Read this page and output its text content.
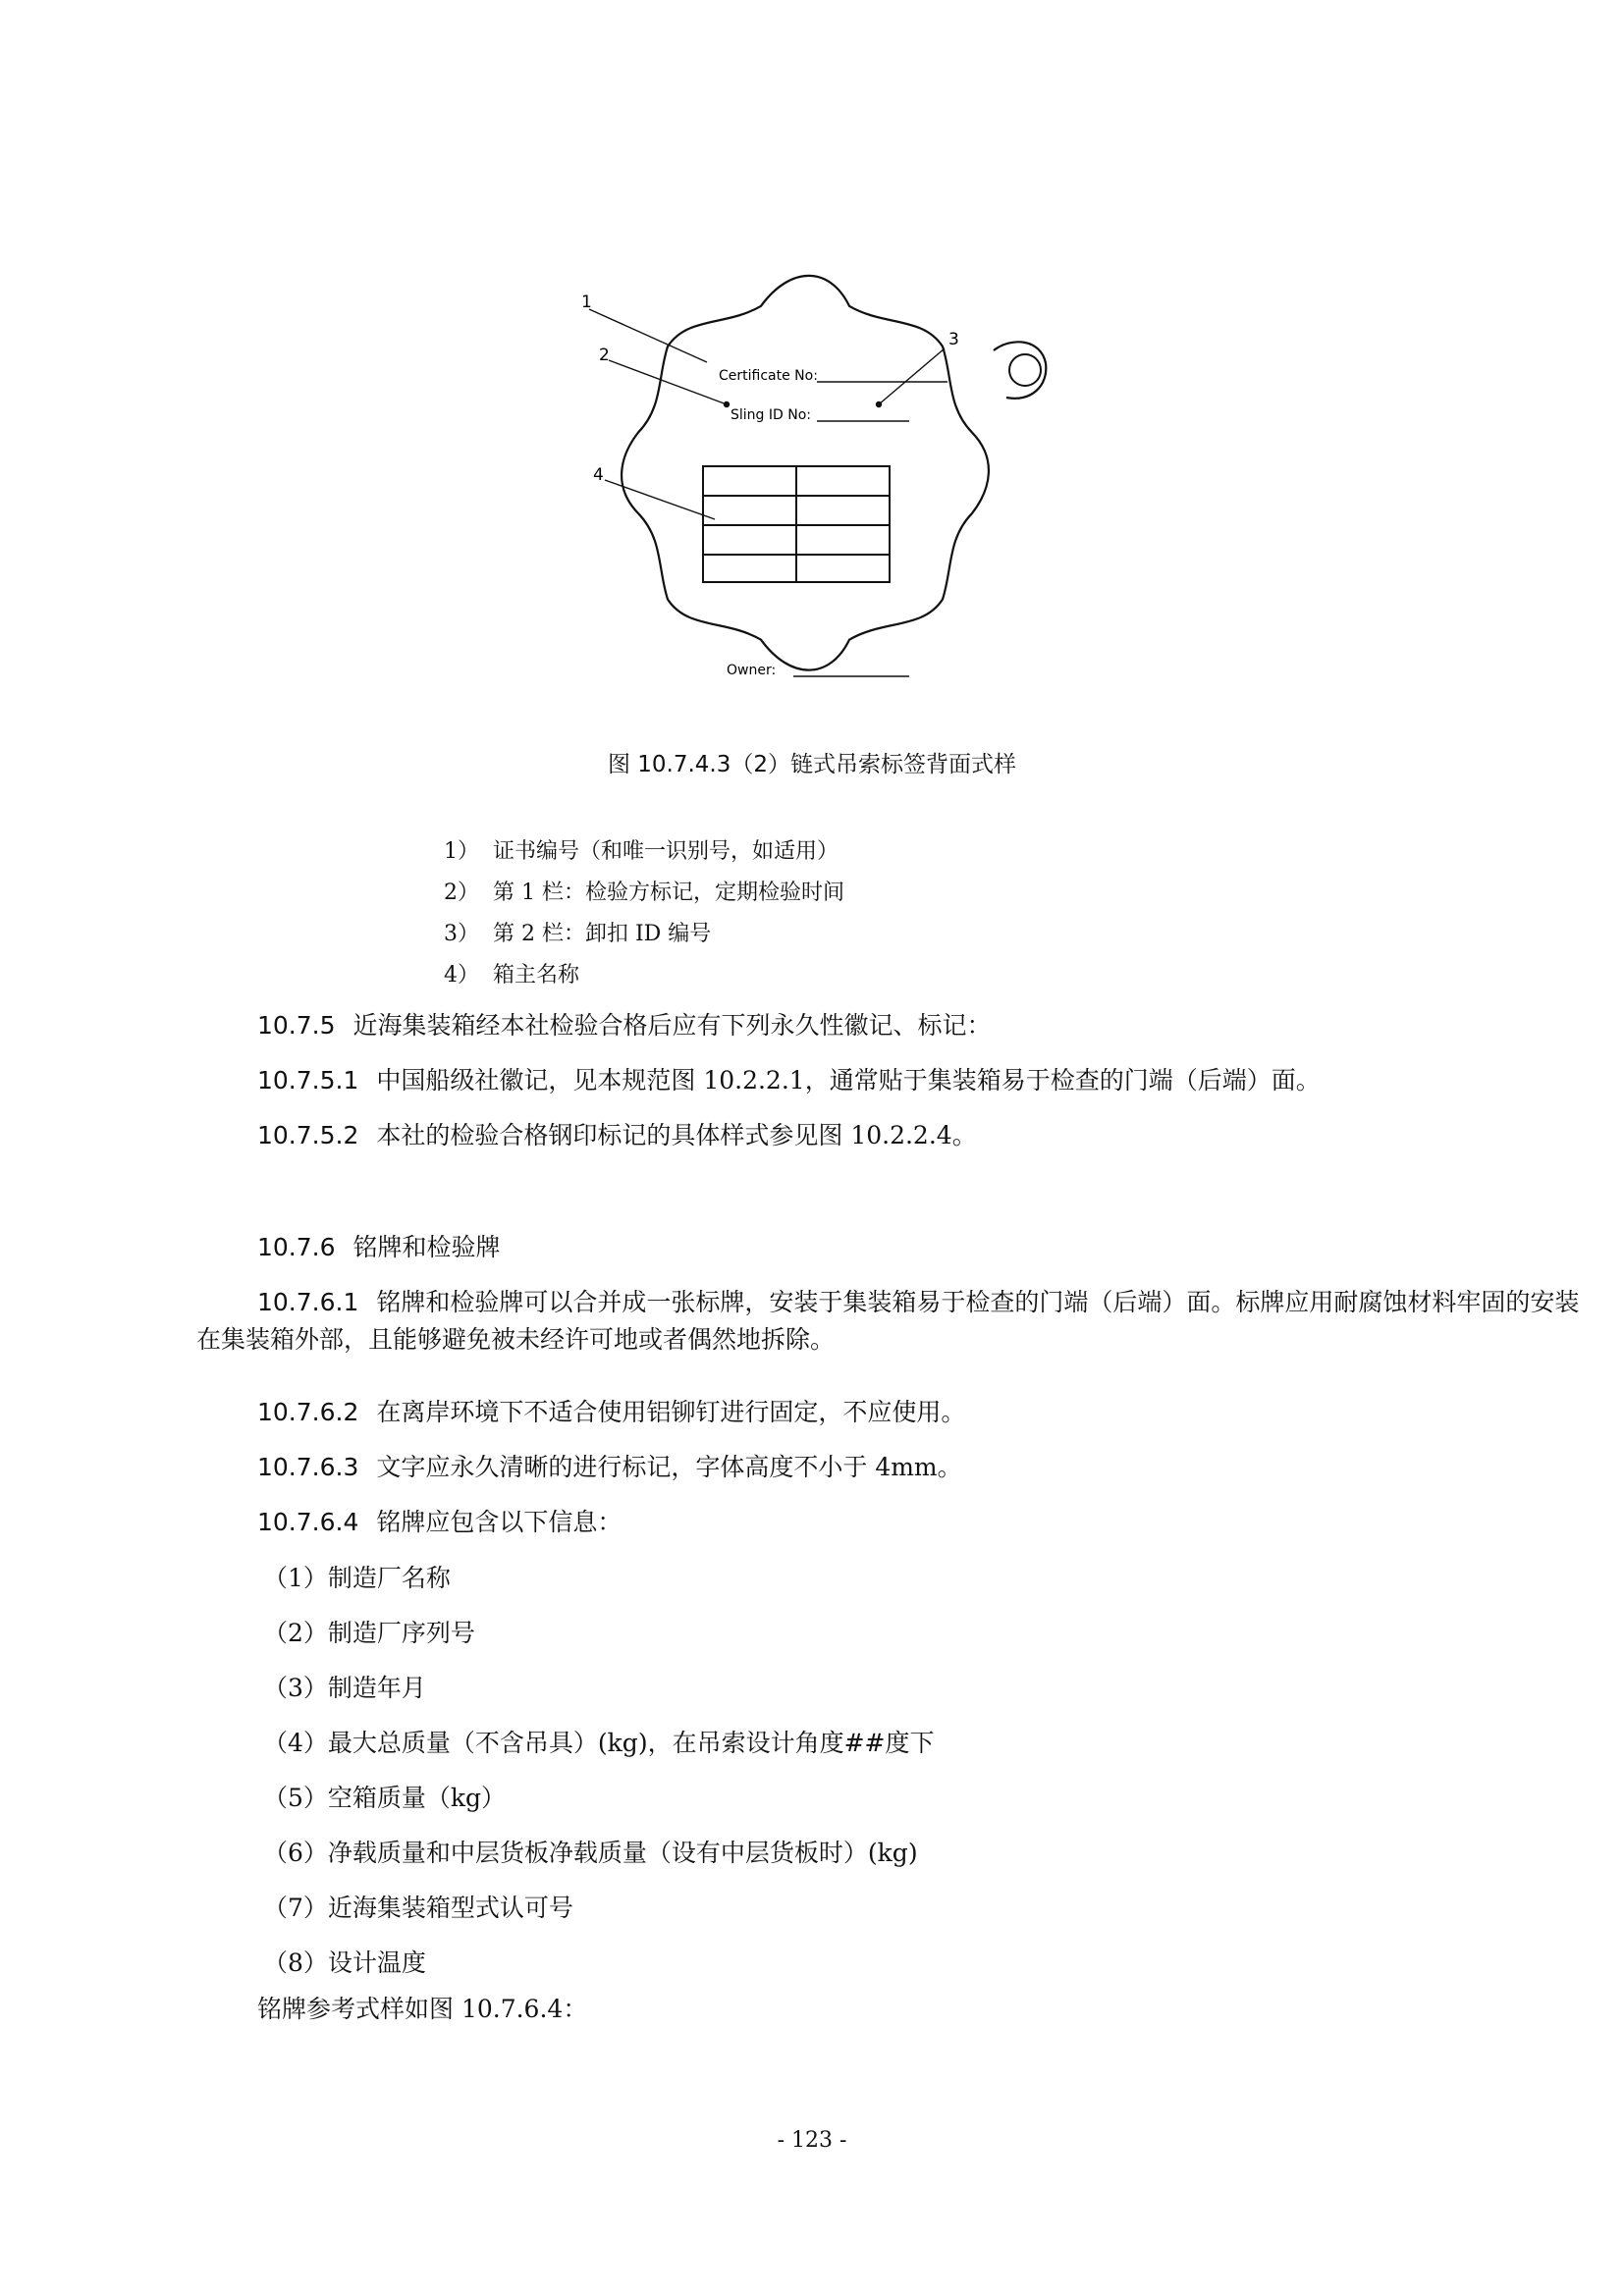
Certificate No:
Sling ID No:
Owner:
1
2
3
4
图 10.7.4.3（2）链式吊索标签背面式样
1） 证书编号（和唯一识别号，如适用）
2） 第 1 栏：检验方标记，定期检验时间
3） 第 2 栏：卸扣 ID 编号
4） 箱主名称
10.7.5 近海集装箱经本社检验合格后应有下列永久性徽记、标记：
10.7.5.1 中国船级社徽记，见本规范图 10.2.2.1，通常贴于集装箱易于检查的门端（后端）面。
10.7.5.2 本社的检验合格钢印标记的具体样式参见图 10.2.2.4。
10.7.6 铭牌和检验牌
10.7.6.1 铭牌和检验牌可以合并成一张标牌，安装于集装箱易于检查的门端（后端）面。标牌应用耐腐蚀材料牢固的安装在集装箱外部，且能够避免被未经许可地或者偶然地拆除。
10.7.6.2 在离岸环境下不适合使用铝铆钉进行固定，不应使用。
10.7.6.3 文字应永久清晰的进行标记，字体高度不小于 4mm。
10.7.6.4 铭牌应包含以下信息：
（1）制造厂名称
（2）制造厂序列号
（3）制造年月
（4）最大总质量（不含吊具）(kg)，在吊索设计角度##度下
（5）空箱质量（kg）
（6）净载质量和中层货板净载质量（设有中层货板时）(kg)
（7）近海集装箱型式认可号
（8）设计温度
铭牌参考式样如图 10.7.6.4：
- 123 -
